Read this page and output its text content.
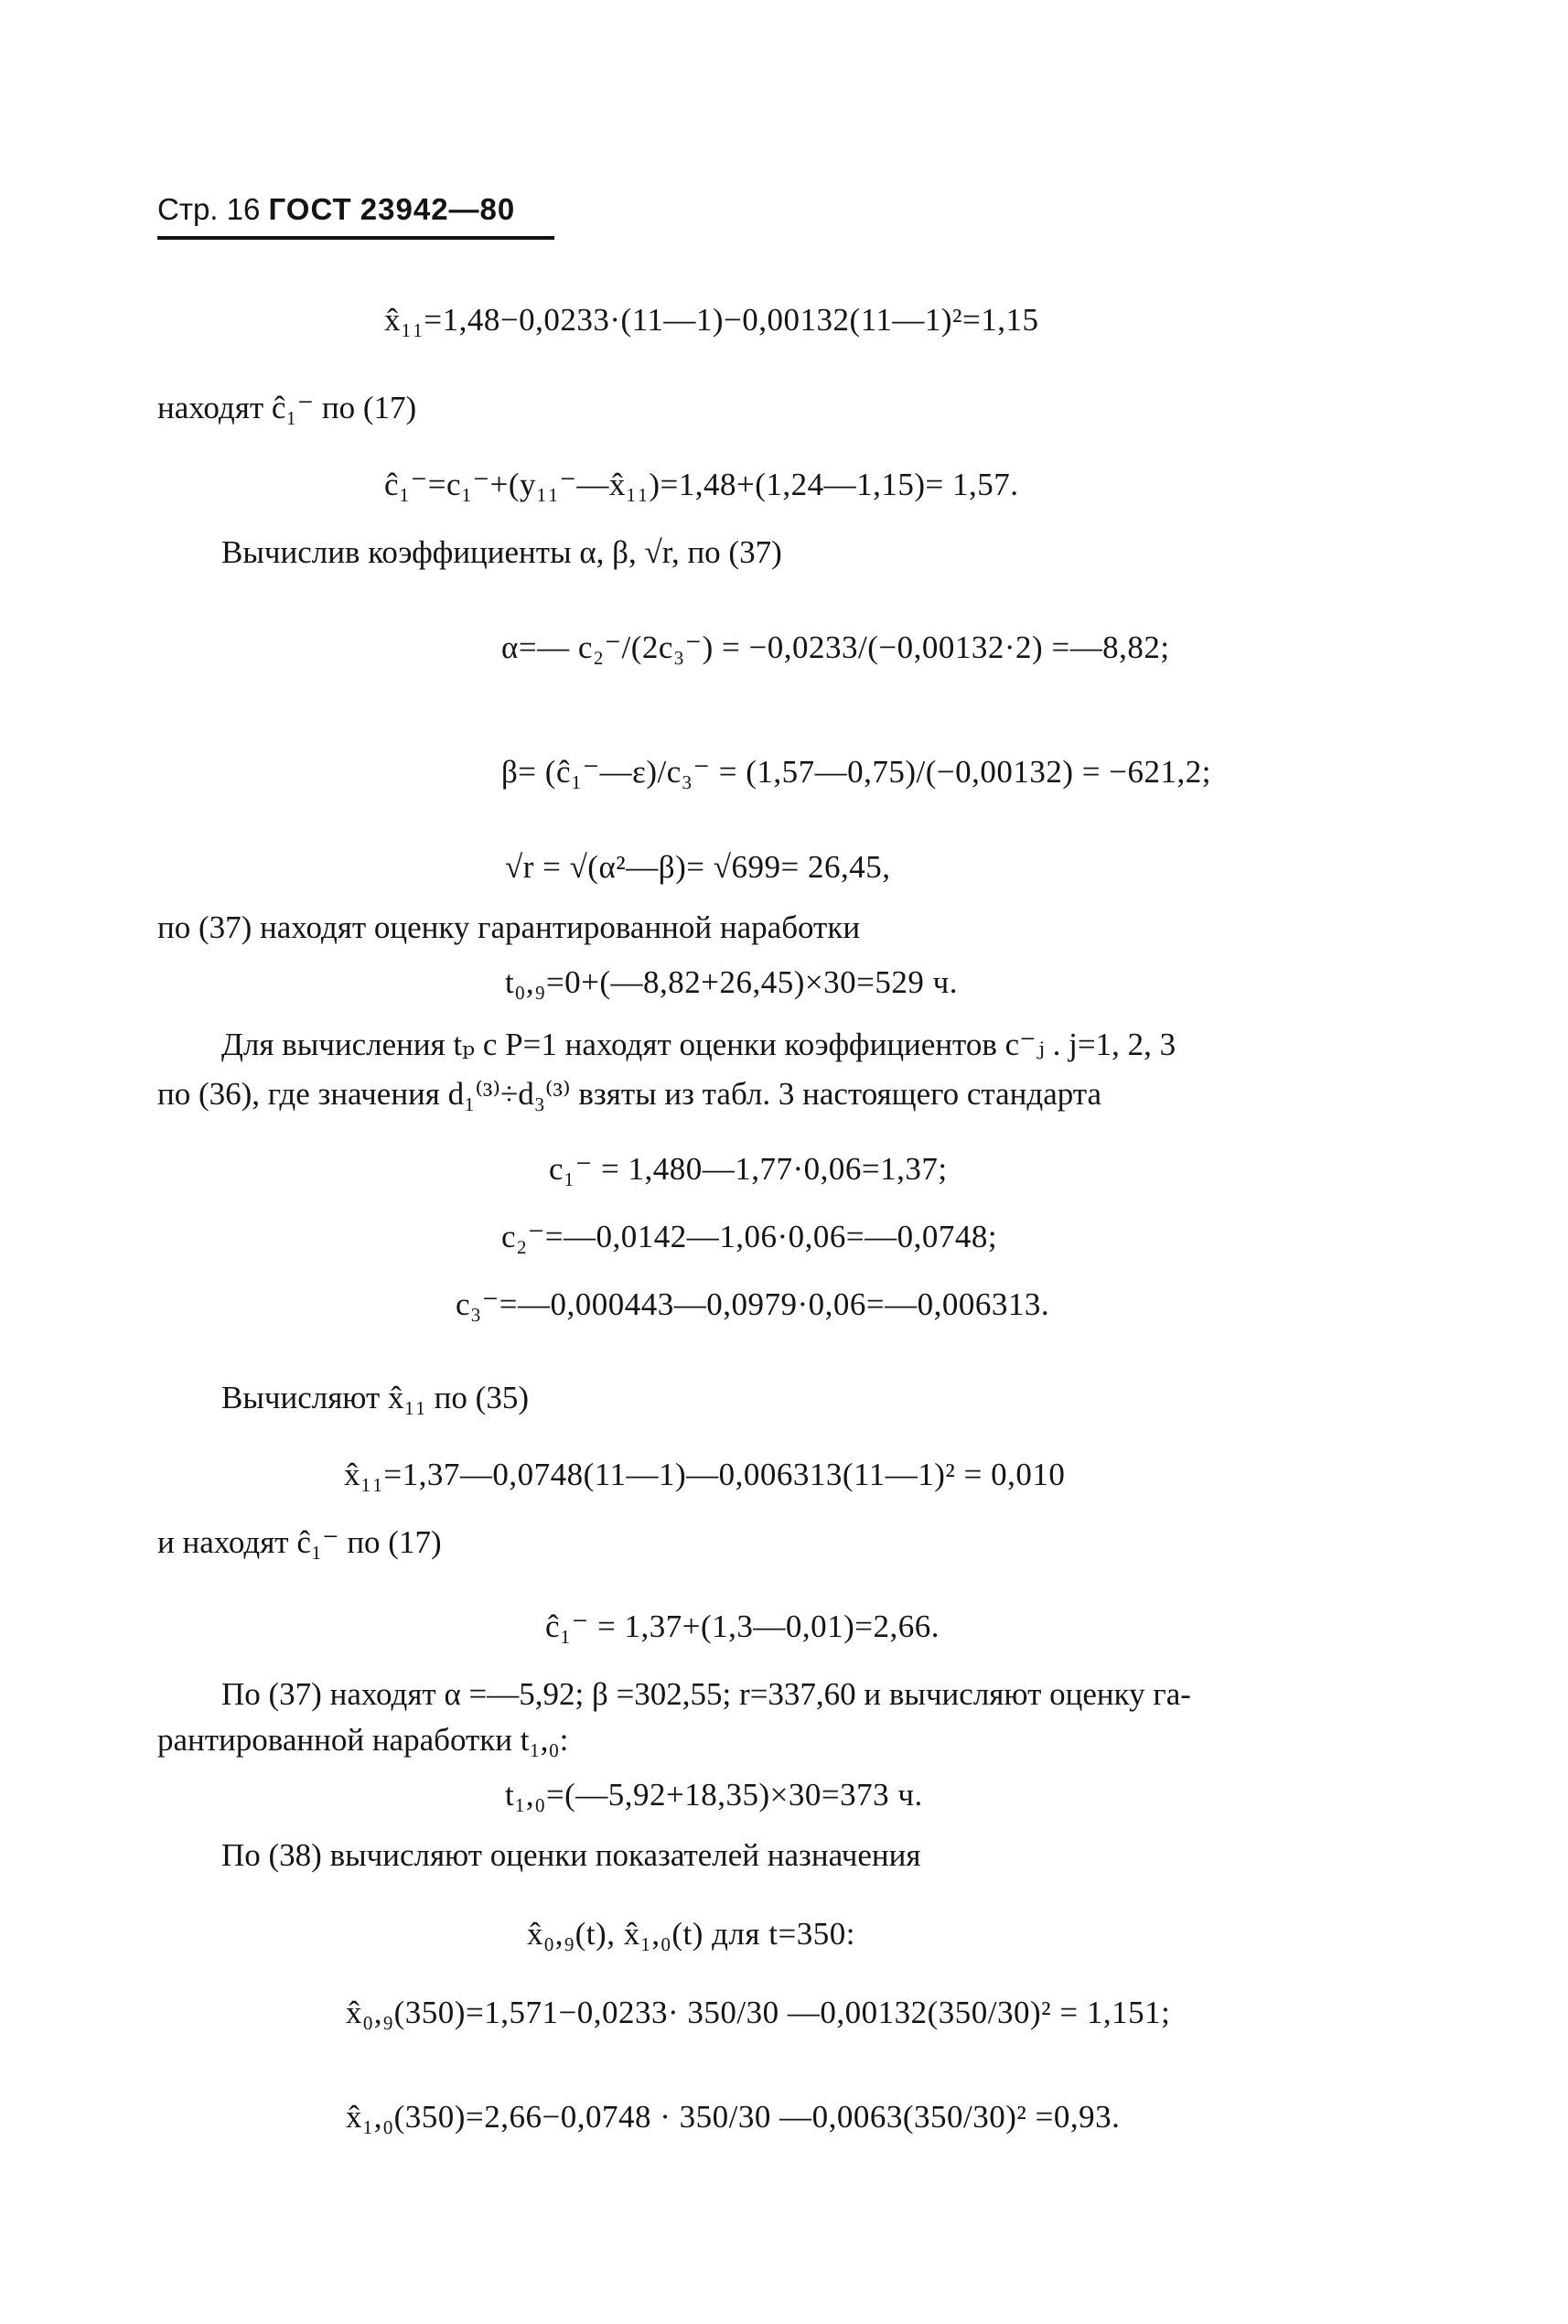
Стр. 16 ГОСТ 23942—80
x̂₁₁=1,48−0,0233·(11—1)−0,00132(11—1)²=1,15
находят ĉ₁⁻ по (17)
ĉ₁⁻=c₁⁻+(y₁₁⁻—x̂₁₁)=1,48+(1,24—1,15)= 1,57.
Вычислив коэффициенты α, β, √r, по (37)
α=— c₂⁻/(2c₃⁻) = −0,0233/(−0,00132·2) =—8,82;
β= (ĉ₁⁻—ε)/c₃⁻ = (1,57—0,75)/(−0,00132) = −621,2;
√r = √(α²—β)= √699= 26,45,
по (37) находят оценку гарантированной наработки
t₀,₉=0+(—8,82+26,45)×30=529 ч.
Для вычисления tₚ с P=1 находят оценки коэффициентов c⁻ⱼ . j=1, 2, 3
по (36), где значения d₁⁽³⁾÷d₃⁽³⁾ взяты из табл. 3 настоящего стандарта
c₁⁻ = 1,480—1,77·0,06=1,37;
c₂⁻=—0,0142—1,06·0,06=—0,0748;
c₃⁻=—0,000443—0,0979·0,06=—0,006313.
Вычисляют x̂₁₁ по (35)
x̂₁₁=1,37—0,0748(11—1)—0,006313(11—1)² = 0,010
и находят ĉ₁⁻ по (17)
ĉ₁⁻ = 1,37+(1,3—0,01)=2,66.
По (37) находят α =—5,92; β =302,55; r=337,60 и вычисляют оценку га-
рантированной наработки t₁,₀:
t₁,₀=(—5,92+18,35)×30=373 ч.
По (38) вычисляют оценки показателей назначения
x̂₀,₉(t), x̂₁,₀(t) для t=350:
x̂₀,₉(350)=1,571−0,0233· 350/30 —0,00132(350/30)² = 1,151;
x̂₁,₀(350)=2,66−0,0748 · 350/30 —0,0063(350/30)² =0,93.
